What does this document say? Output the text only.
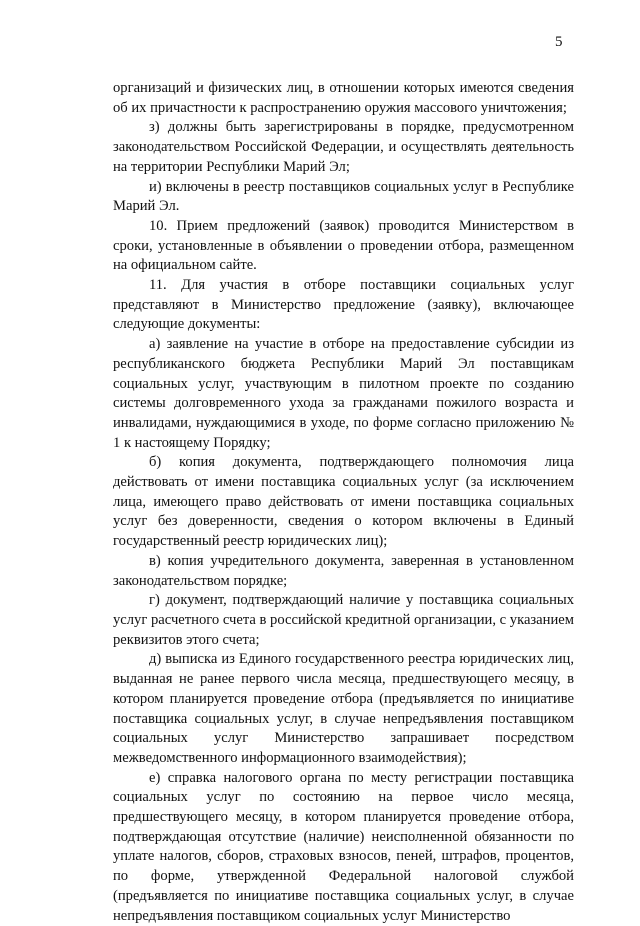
5

организаций и физических лиц, в отношении которых имеются сведения об их причастности к распространению оружия массового уничтожения;

з) должны быть зарегистрированы в порядке, предусмотренном законодательством Российской Федерации, и осуществлять деятельность на территории Республики Марий Эл;

и) включены в реестр поставщиков социальных услуг в Республике Марий Эл.

10. Прием предложений (заявок) проводится Министерством в сроки, установленные в объявлении о проведении отбора, размещенном на официальном сайте.

11. Для участия в отборе поставщики социальных услуг представляют в Министерство предложение (заявку), включающее следующие документы:

а) заявление на участие в отборе на предоставление субсидии из республиканского бюджета Республики Марий Эл поставщикам социальных услуг, участвующим в пилотном проекте по созданию системы долговременного ухода за гражданами пожилого возраста и инвалидами, нуждающимися в уходе, по форме согласно приложению № 1 к настоящему Порядку;

б) копия документа, подтверждающего полномочия лица действовать от имени поставщика социальных услуг (за исключением лица, имеющего право действовать от имени поставщика социальных услуг без доверенности, сведения о котором включены в Единый государственный реестр юридических лиц);

в) копия учредительного документа, заверенная в установленном законодательством порядке;

г) документ, подтверждающий наличие у поставщика социальных услуг расчетного счета в российской кредитной организации, с указанием реквизитов этого счета;

д) выписка из Единого государственного реестра юридических лиц, выданная не ранее первого числа месяца, предшествующего месяцу, в котором планируется проведение отбора (предъявляется по инициативе поставщика социальных услуг, в случае непредъявления поставщиком социальных услуг Министерство запрашивает посредством межведомственного информационного взаимодействия);

е) справка налогового органа по месту регистрации поставщика социальных услуг по состоянию на первое число месяца, предшествующего месяцу, в котором планируется проведение отбора, подтверждающая отсутствие (наличие) неисполненной обязанности по уплате налогов, сборов, страховых взносов, пеней, штрафов, процентов, по форме, утвержденной Федеральной налоговой службой (предъявляется по инициативе поставщика социальных услуг, в случае непредъявления поставщиком социальных услуг Министерство
